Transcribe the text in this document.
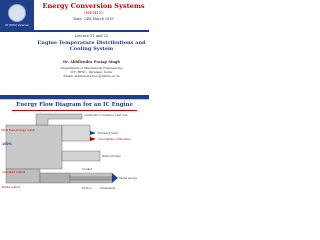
IIT (BHU) Varanasi
Energy Conversion Systems
(ME1415)
Date: 24th March 2019
Lecture-21 and 22
Engine Temperature Distributions and
Cooling System
Dr. Akhilendra Pratap Singh
Department of Mechanical Engineering
IIT (BHU), Varanasi, India
Email: akhilendra.mec@iitbhu.ac.in
Energy Flow Diagram for an IC Engine
Combustion chamber heat loss
Total fuel energy input
100%
Exhaust heat
Incomplete combustion
Piston friction
Indicated output
Brake output
Useful energy
Coolant
Friction	Accessories
